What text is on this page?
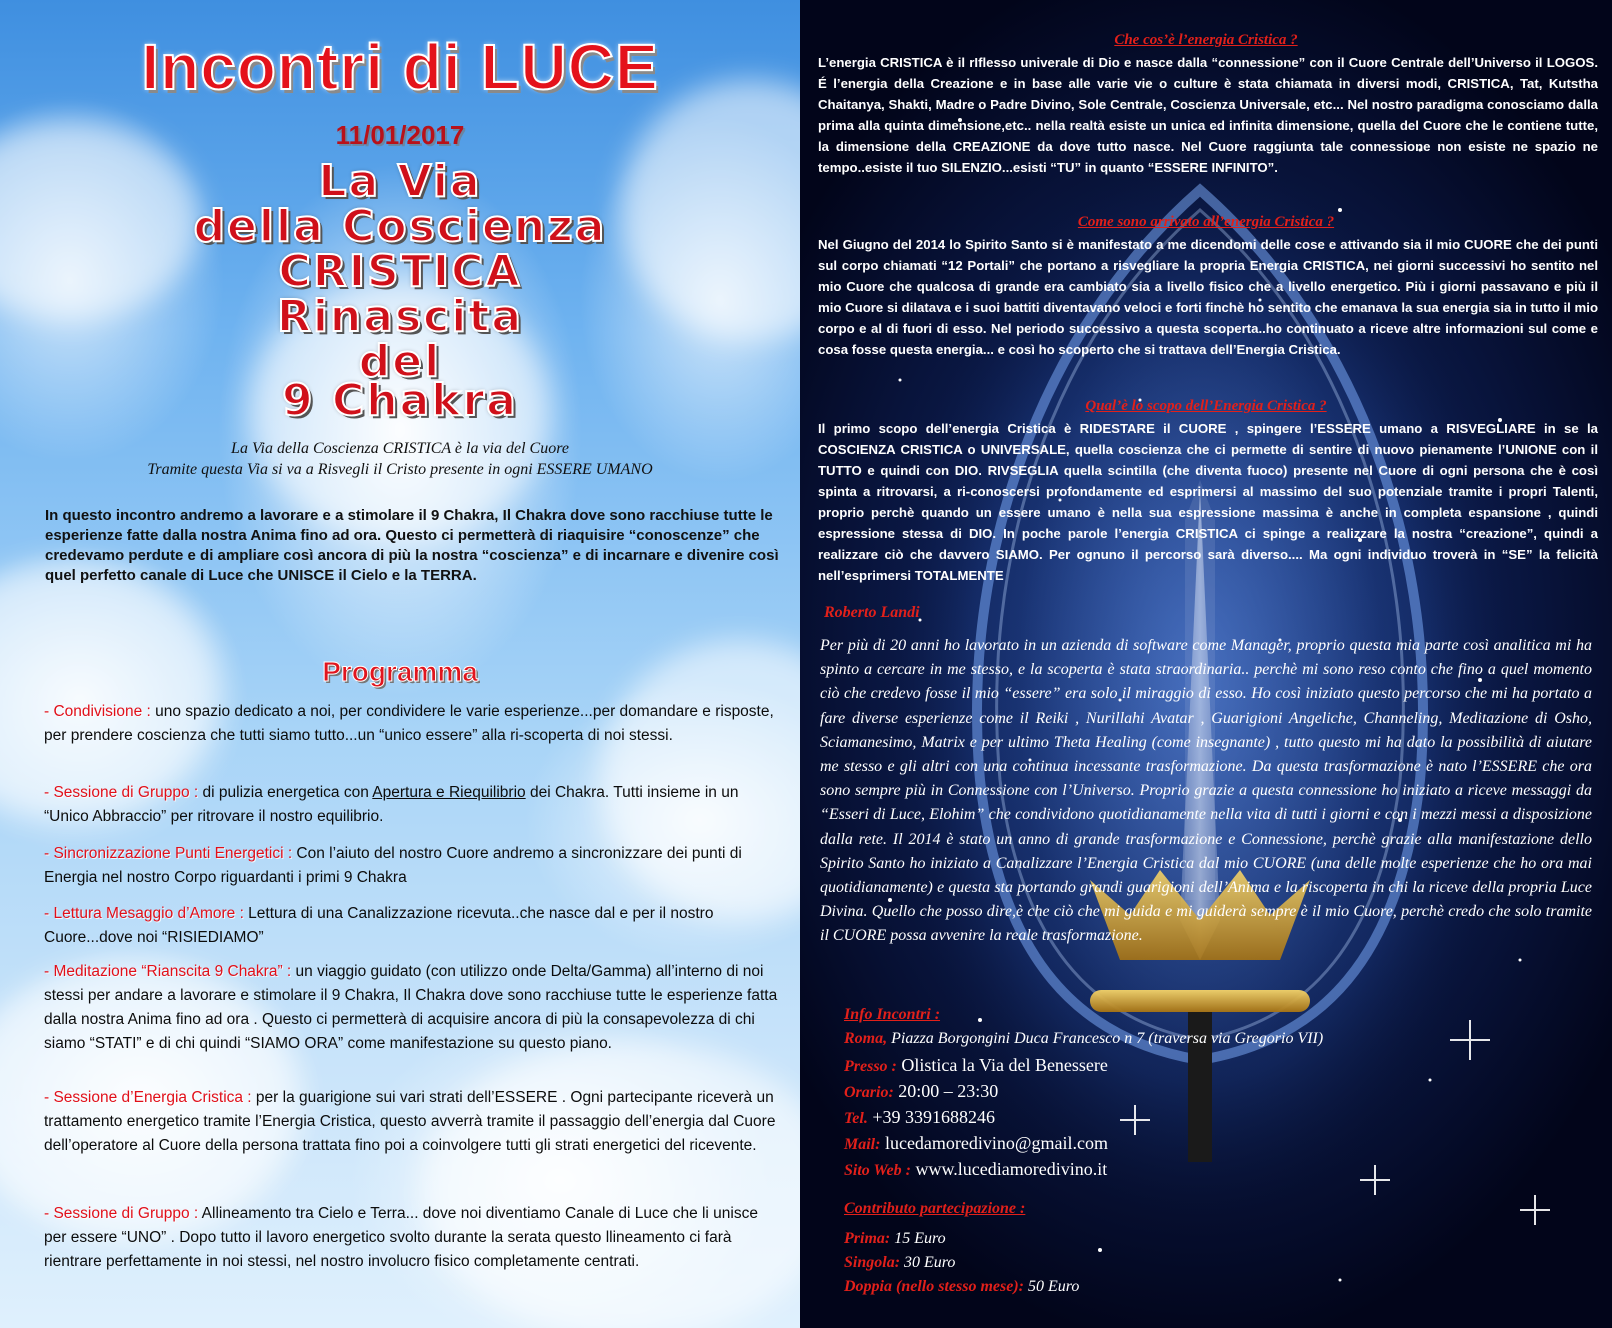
Incontri di LUCE
11/01/2017
La Via
della Coscienza
CRISTICA
Rinascita
del
9 Chakra
La Via della Coscienza CRISTICA è la via del Cuore
Tramite questa Via si va a Risvegli il Cristo presente in ogni ESSERE UMANO
In questo incontro andremo a lavorare e a stimolare il 9 Chakra, Il Chakra dove sono racchiuse tutte le esperienze fatte dalla nostra Anima fino ad ora. Questo ci permetterà di riaquisire “conoscenze” che credevamo perdute e di ampliare così ancora di più la nostra “coscienza” e di incarnare e divenire così quel perfetto canale di Luce che UNISCE il Cielo e la TERRA.
Programma
- Condivisione : uno spazio dedicato a noi, per condividere le varie esperienze...per domandare e risposte, per prendere coscienza che tutti siamo tutto...un “unico essere” alla ri-scoperta di noi stessi.
- Sessione di Gruppo : di pulizia energetica con Apertura e Riequilibrio dei Chakra. Tutti insieme in un “Unico Abbraccio” per ritrovare il nostro equilibrio.
- Sincronizzazione Punti Energetici : Con l’aiuto del nostro Cuore andremo a sincronizzare dei punti di Energia nel nostro Corpo riguardanti i primi 9 Chakra
- Lettura Mesaggio d’Amore : Lettura di una Canalizzazione ricevuta..che nasce dal e per il nostro Cuore...dove noi “RISIEDIAMO”
- Meditazione “Rianscita 9 Chakra” : un viaggio guidato (con utilizzo onde Delta/Gamma) all’interno di noi stessi per andare a lavorare e stimolare il 9 Chakra, Il Chakra dove sono racchiuse tutte le esperienze fatta dalla nostra Anima fino ad ora . Questo ci permetterà di acquisire ancora di più la consapevolezza di chi siamo “STATI” e di chi quindi “SIAMO ORA” come manifestazione su questo piano.
- Sessione d’Energia Cristica : per la guarigione sui vari strati dell’ESSERE . Ogni partecipante riceverà un trattamento energetico tramite l’Energia Cristica, questo avverrà tramite il passaggio dell’energia dal Cuore dell’operatore al Cuore della persona trattata fino poi a coinvolgere tutti gli strati energetici del ricevente.
- Sessione di Gruppo : Allineamento tra Cielo e Terra... dove noi diventiamo Canale di Luce che li unisce per essere “UNO” . Dopo tutto il lavoro energetico svolto durante la serata questo llineamento ci farà rientrare perfettamente in noi stessi, nel nostro involucro fisico completamente centrati.
Che cos’è l’energia Cristica ?
L’energia CRISTICA è il rIflesso univerale di Dio e nasce dalla “connessione” con il Cuore Centrale dell’Universo il LOGOS. É l’energia della Creazione e in base alle varie vie o culture è stata chiamata in diversi modi, CRISTICA, Tat, Kutstha Chaitanya, Shakti, Madre o Padre Divino, Sole Centrale, Coscienza Universale, etc... Nel nostro paradigma conosciamo dalla prima alla quinta dimensione,etc.. nella realtà esiste un unica ed infinita dimensione, quella del Cuore che le contiene tutte, la dimensione della CREAZIONE da dove tutto nasce. Nel Cuore raggiunta tale connessione non esiste ne spazio ne tempo..esiste il tuo SILENZIO...esisti “TU” in quanto “ESSERE INFINITO”.
Come sono arrivato all’energia Cristica ?
Nel Giugno del 2014 lo Spirito Santo si è manifestato a me dicendomi delle cose e attivando sia il mio CUORE che dei punti sul corpo chiamati “12 Portali” che portano a risvegliare la propria Energia CRISTICA, nei giorni successivi ho sentito nel mio Cuore che qualcosa di grande era cambiato sia a livello fisico che a livello energetico. Più i giorni passavano e più il mio Cuore si dilatava e i suoi battiti diventavano veloci e forti finchè ho sentito che emanava la sua energia sia in tutto il mio corpo e al di fuori di esso. Nel periodo successivo a questa scoperta..ho continuato a riceve altre informazioni sul come e cosa fosse questa energia... e così ho scoperto che si trattava dell’Energia Cristica.
Qual’è lo scopo dell’Energia Cristica ?
Il primo scopo dell’energia Cristica è RIDESTARE il CUORE , spingere l’ESSERE umano a RISVEGLIARE in se la COSCIENZA CRISTICA o UNIVERSALE, quella coscienza che ci permette di sentire di nuovo pienamente l’UNIONE con il TUTTO e quindi con DIO. RIVSEGLIA quella scintilla (che diventa fuoco) presente nel Cuore di ogni persona che è così spinta a ritrovarsi, a ri-conoscersi profondamente ed esprimersi al massimo del suo potenziale tramite i propri Talenti, proprio perchè quando un essere umano è nella sua espressione massima è anche in completa espansione , quindi espressione stessa di DIO. In poche parole l’energia CRISTICA ci spinge a realizzare la nostra “creazione”, quindi a realizzare ciò che davvero SIAMO. Per ognuno il percorso sarà diverso.... Ma ogni individuo troverà in “SE” la felicità nell’esprimersi TOTALMENTE
Roberto Landi
Per più di 20 anni ho lavorato in un azienda di software come Manager, proprio questa mia parte così analitica mi ha spinto a cercare in me stesso, e la scoperta è stata straordinaria.. perchè mi sono reso conto che fino a quel momento ciò che credevo fosse il mio “essere” era solo il miraggio di esso. Ho così iniziato questo percorso che mi ha portato a fare diverse esperienze come il Reiki , Nurillahi Avatar , Guarigioni Angeliche, Channeling, Meditazione di Osho, Sciamanesimo, Matrix e per ultimo Theta Healing (come insegnante) , tutto questo mi ha dato la possibilità di aiutare me stesso e gli altri con una continua incessante trasformazione. Da questa trasformazione è nato l’ESSERE che ora sono sempre più in Connessione con l’Universo. Proprio grazie a questa connessione ho iniziato a riceve messaggi da “Esseri di Luce, Elohim” che condividono quotidianamente nella vita di tutti i giorni e con i mezzi messi a disposizione dalla rete. Il 2014 è stato un anno di grande trasformazione e Connessione, perchè grazie alla manifestazione dello Spirito Santo ho iniziato a Canalizzare l’Energia Cristica dal mio CUORE (una delle molte esperienze che ho ora mai quotidianamente) e questa sta portando grandi guarigioni dell’Anima e la riscoperta in chi la riceve della propria Luce Divina. Quello che posso dire,è che ciò che mi guida e mi guiderà sempre è il mio Cuore, perchè credo che solo tramite il CUORE possa avvenire la reale trasformazione.
Info Incontri :
Roma, Piazza Borgongini Duca Francesco n 7 (traversa via Gregorio VII)
Presso : Olistica la Via del Benessere
Orario: 20:00 – 23:30
Tel. +39 3391688246
Mail: lucedamoredivino@gmail.com
Sito Web : www.lucediamoredivino.it
Contributo partecipazione :
Prima: 15 Euro
Singola: 30 Euro
Doppia (nello stesso mese): 50 Euro
